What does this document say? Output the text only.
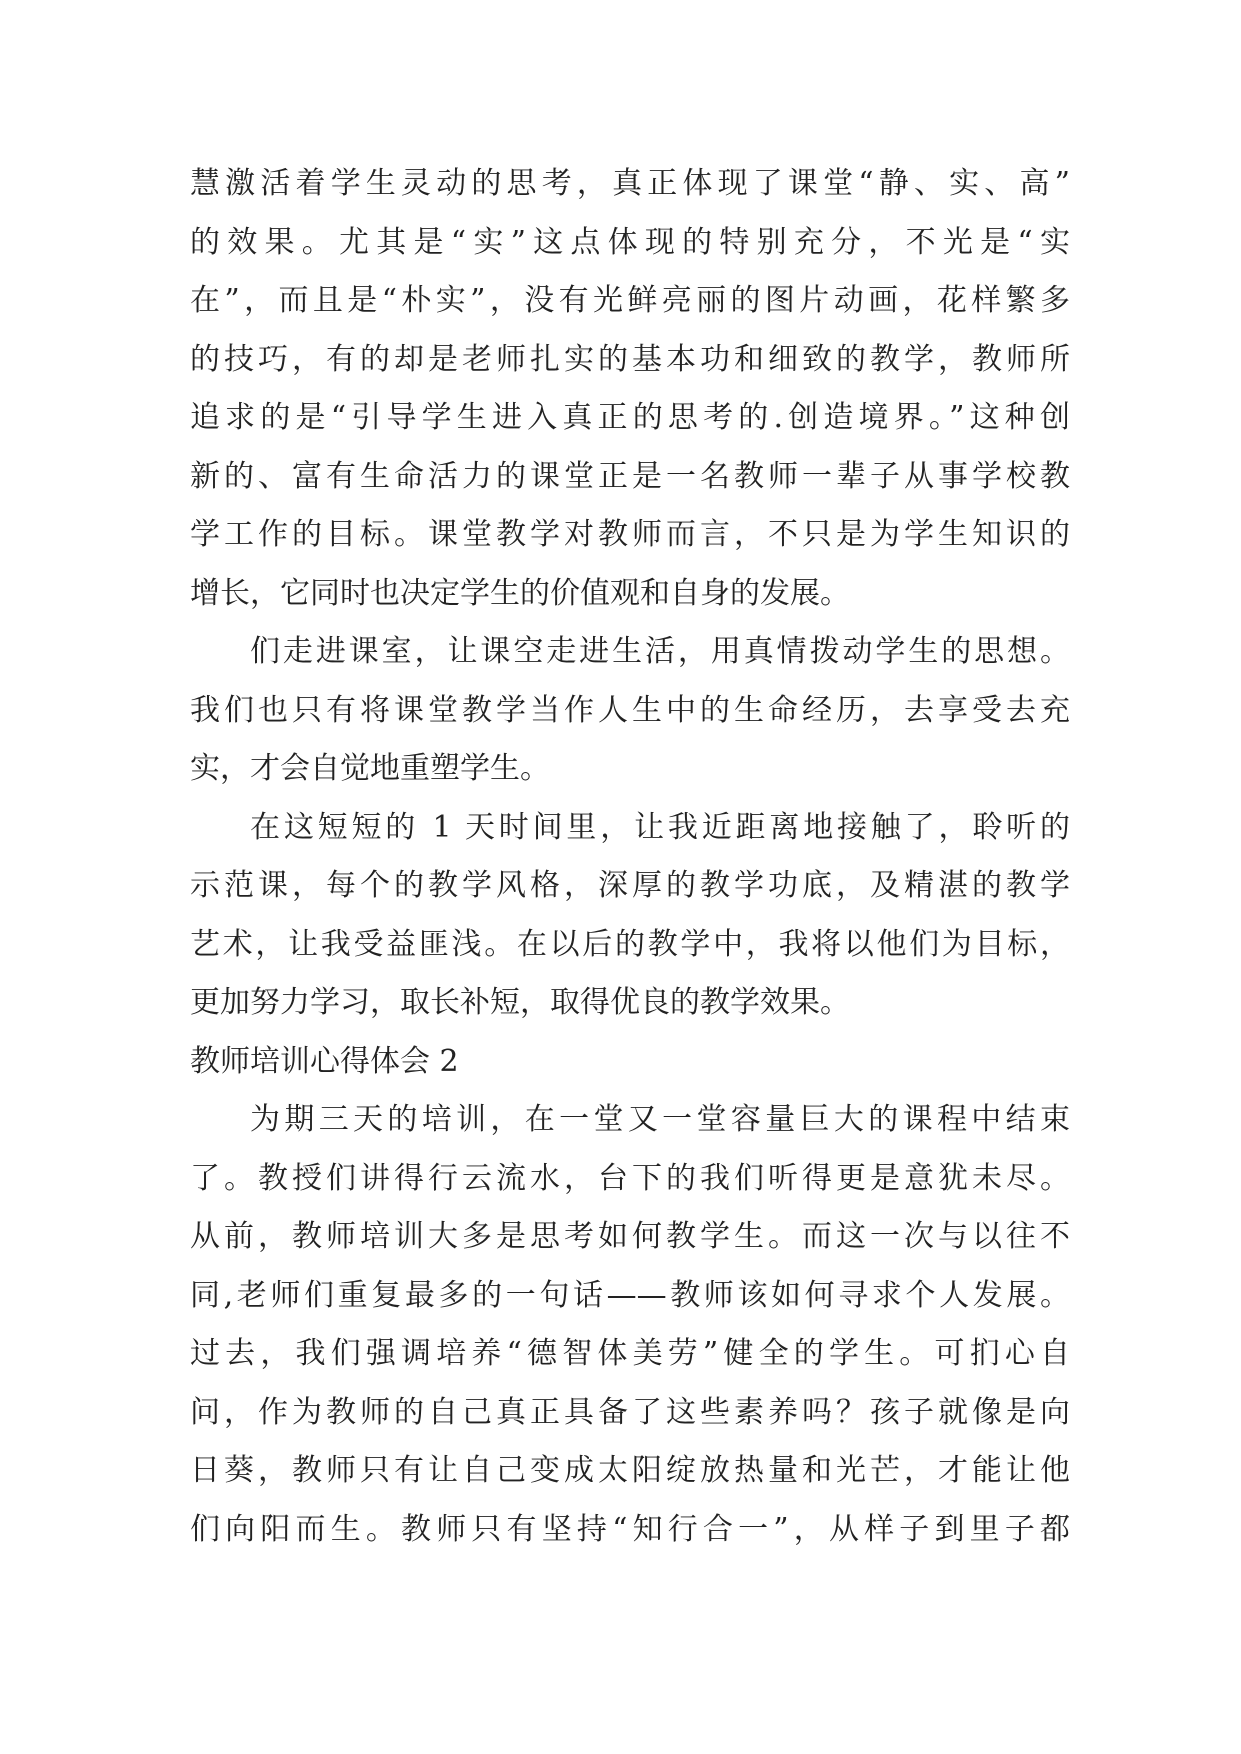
慧激活着学生灵动的思考，真正体现了课堂“静、实、高”
的效果。尤其是“实”这点体现的特别充分，不光是“实
在”，而且是“朴实”，没有光鲜亮丽的图片动画，花样繁多
的技巧，有的却是老师扎实的基本功和细致的教学，教师所
追求的是“引导学生进入真正的思考的.创造境界。”这种创
新的、富有生命活力的课堂正是一名教师一辈子从事学校教
学工作的目标。课堂教学对教师而言，不只是为学生知识的
增长，它同时也决定学生的价值观和自身的发展。
们走进课室，让课空走进生活，用真情拨动学生的思想。
我们也只有将课堂教学当作人生中的生命经历，去享受去充
实，才会自觉地重塑学生。
在这短短的 1 天时间里，让我近距离地接触了，聆听的
示范课，每个的教学风格，深厚的教学功底，及精湛的教学
艺术，让我受益匪浅。在以后的教学中，我将以他们为目标，
更加努力学习，取长补短，取得优良的教学效果。
教师培训心得体会 2
为期三天的培训，在一堂又一堂容量巨大的课程中结束
了。教授们讲得行云流水，台下的我们听得更是意犹未尽。
从前，教师培训大多是思考如何教学生。而这一次与以往不
同,老师们重复最多的一句话——教师该如何寻求个人发展。
过去，我们强调培养“德智体美劳”健全的学生。可扪心自
问，作为教师的自己真正具备了这些素养吗？孩子就像是向
日葵，教师只有让自己变成太阳绽放热量和光芒，才能让他
们向阳而生。教师只有坚持“知行合一”，从样子到里子都
